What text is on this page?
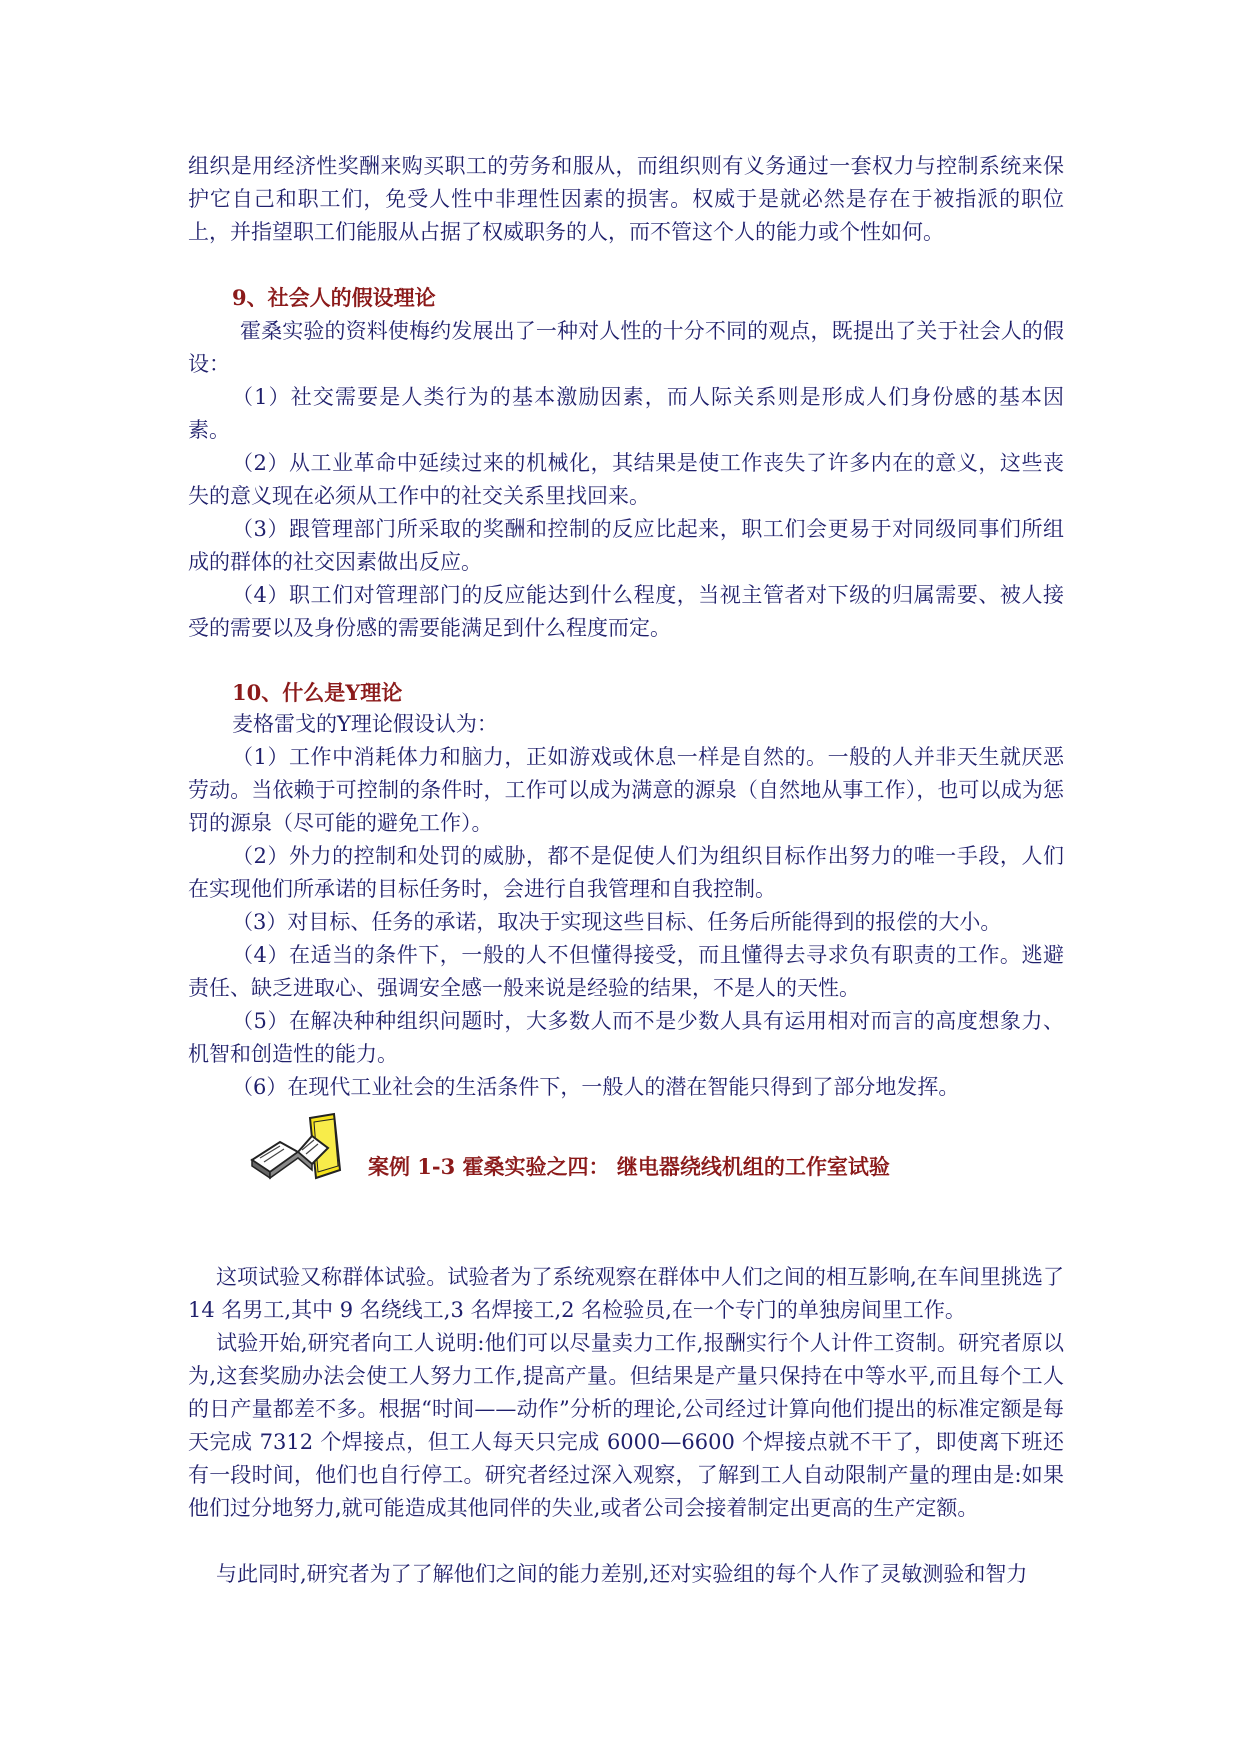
组织是用经济性奖酬来购买职工的劳务和服从，而组织则有义务通过一套权力与控制系统来保护它自己和职工们，免受人性中非理性因素的损害。权威于是就必然是存在于被指派的职位上，并指望职工们能服从占据了权威职务的人，而不管这个人的能力或个性如何。

9、社会人的假设理论

霍桑实验的资料使梅约发展出了一种对人性的十分不同的观点，既提出了关于社会人的假设：

（1）社交需要是人类行为的基本激励因素，而人际关系则是形成人们身份感的基本因素。

（2）从工业革命中延续过来的机械化，其结果是使工作丧失了许多内在的意义，这些丧失的意义现在必须从工作中的社交关系里找回来。

（3）跟管理部门所采取的奖酬和控制的反应比起来，职工们会更易于对同级同事们所组成的群体的社交因素做出反应。

（4）职工们对管理部门的反应能达到什么程度，当视主管者对下级的归属需要、被人接受的需要以及身份感的需要能满足到什么程度而定。

10、什么是Y理论

麦格雷戈的Y理论假设认为：

（1）工作中消耗体力和脑力，正如游戏或休息一样是自然的。一般的人并非天生就厌恶劳动。当依赖于可控制的条件时，工作可以成为满意的源泉（自然地从事工作），也可以成为惩罚的源泉（尽可能的避免工作）。

（2）外力的控制和处罚的威胁，都不是促使人们为组织目标作出努力的唯一手段，人们在实现他们所承诺的目标任务时，会进行自我管理和自我控制。

（3）对目标、任务的承诺，取决于实现这些目标、任务后所能得到的报偿的大小。

（4）在适当的条件下，一般的人不但懂得接受，而且懂得去寻求负有职责的工作。逃避责任、缺乏进取心、强调安全感一般来说是经验的结果，不是人的天性。

（5）在解决种种组织问题时，大多数人而不是少数人具有运用相对而言的高度想象力、机智和创造性的能力。

（6）在现代工业社会的生活条件下，一般人的潜在智能只得到了部分地发挥。

案例 1-3 霍桑实验之四： 继电器绕线机组的工作室试验

这项试验又称群体试验。试验者为了系统观察在群体中人们之间的相互影响,在车间里挑选了 14 名男工,其中 9 名绕线工,3 名焊接工,2 名检验员,在一个专门的单独房间里工作。

试验开始,研究者向工人说明:他们可以尽量卖力工作,报酬实行个人计件工资制。研究者原以为,这套奖励办法会使工人努力工作,提高产量。但结果是产量只保持在中等水平,而且每个工人的日产量都差不多。根据“时间——动作”分析的理论,公司经过计算向他们提出的标准定额是每天完成 7312 个焊接点，但工人每天只完成 6000—6600 个焊接点就不干了，即使离下班还有一段时间，他们也自行停工。研究者经过深入观察，了解到工人自动限制产量的理由是:如果他们过分地努力,就可能造成其他同伴的失业,或者公司会接着制定出更高的生产定额。

与此同时,研究者为了了解他们之间的能力差别,还对实验组的每个人作了灵敏测验和智力
